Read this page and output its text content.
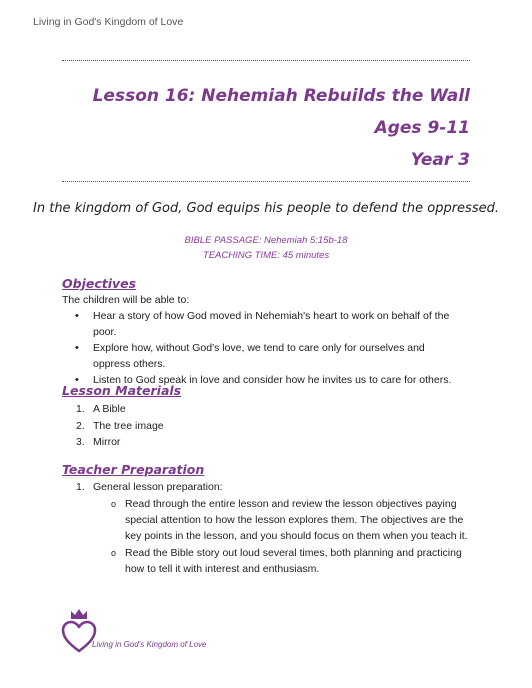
Living in God's Kingdom of Love
Lesson 16: Nehemiah Rebuilds the Wall
Ages 9-11
Year 3
In the kingdom of God, God equips his people to defend the oppressed.
BIBLE PASSAGE: Nehemiah 5:15b-18
TEACHING TIME: 45 minutes
Objectives
The children will be able to:
• Hear a story of how God moved in Nehemiah's heart to work on behalf of the poor.
• Explore how, without God's love, we tend to care only for ourselves and oppress others.
• Listen to God speak in love and consider how he invites us to care for others.
Lesson Materials
1. A Bible
2. The tree image
3. Mirror
Teacher Preparation
1. General lesson preparation:
o Read through the entire lesson and review the lesson objectives paying special attention to how the lesson explores them. The objectives are the key points in the lesson, and you should focus on them when you teach it.
o Read the Bible story out loud several times, both planning and practicing how to tell it with interest and enthusiasm.
Living in God's Kingdom of Love
